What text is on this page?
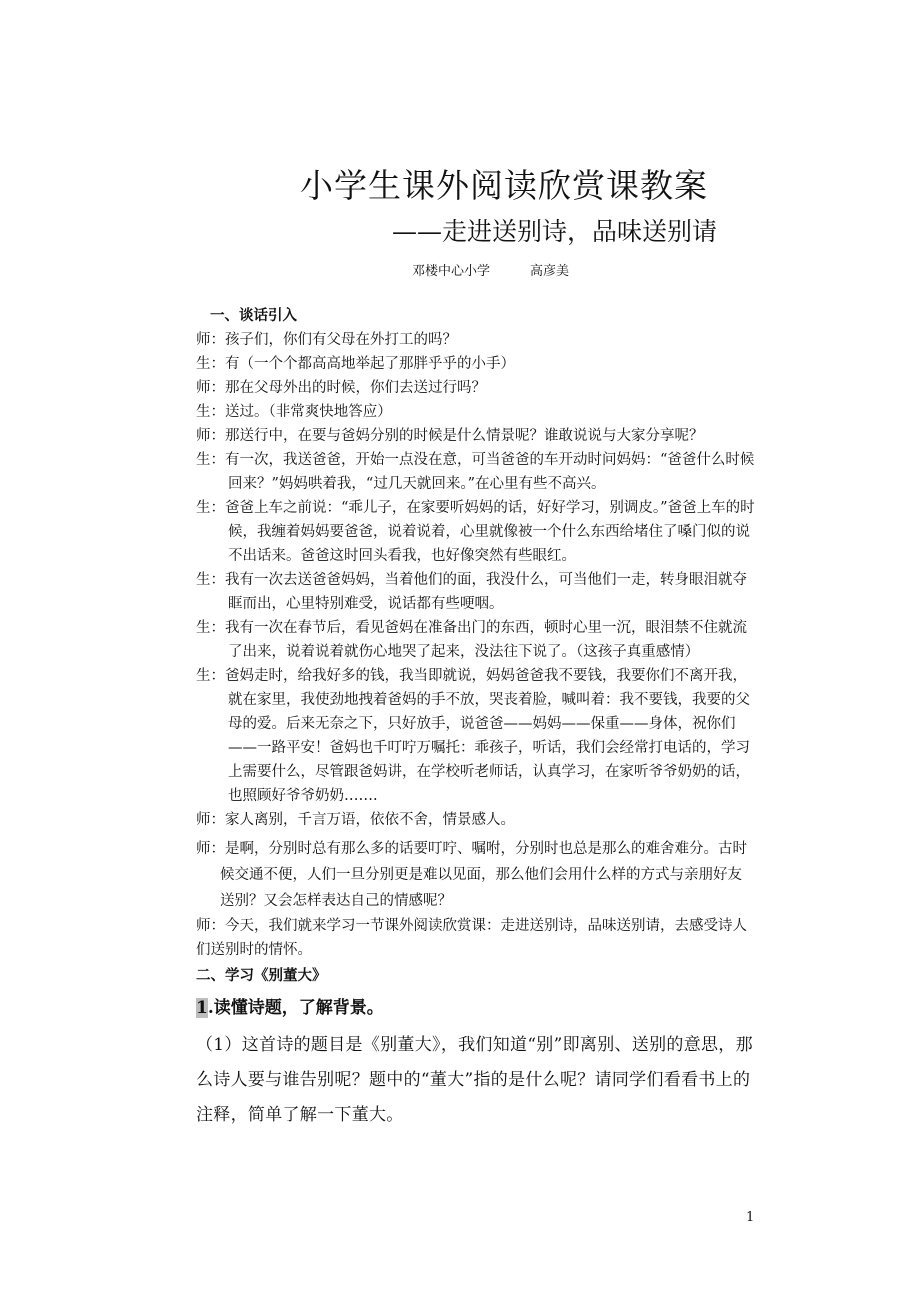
小学生课外阅读欣赏课教案
——走进送别诗，品味送别请
邓楼中心小学	高彦美
一、谈话引入
师：孩子们，你们有父母在外打工的吗？
生：有（一个个都高高地举起了那胖乎乎的小手）
师：那在父母外出的时候，你们去送过行吗？
生：送过。（非常爽快地答应）
师：那送行中，在要与爸妈分别的时候是什么情景呢？谁敢说说与大家分享呢？
生：有一次，我送爸爸，开始一点没在意，可当爸爸的车开动时问妈妈：“爸爸什么时候回来？”妈妈哄着我，“过几天就回来。”在心里有些不高兴。
生：爸爸上车之前说：“乖儿子，在家要听妈妈的话，好好学习，别调皮。”爸爸上车的时候，我缠着妈妈要爸爸，说着说着，心里就像被一个什么东西给堵住了嗓门似的说不出话来。爸爸这时回头看我，也好像突然有些眼红。
生：我有一次去送爸爸妈妈，当着他们的面，我没什么，可当他们一走，转身眼泪就夺眶而出，心里特别难受，说话都有些哽咽。
生：我有一次在春节后，看见爸妈在准备出门的东西，顿时心里一沉，眼泪禁不住就流了出来，说着说着就伤心地哭了起来，没法往下说了。（这孩子真重感情）
生：爸妈走时，给我好多的钱，我当即就说，妈妈爸爸我不要钱，我要你们不离开我，就在家里，我使劲地拽着爸妈的手不放，哭丧着脸，喊叫着：我不要钱，我要的父母的爱。后来无奈之下，只好放手，说爸爸——妈妈——保重——身体，祝你们——一路平安！爸妈也千叮咛万嘱托：乖孩子，听话，我们会经常打电话的，学习上需要什么，尽管跟爸妈讲，在学校听老师话，认真学习，在家听爷爷奶奶的话，也照顾好爷爷奶奶…….
师：家人离别，千言万语，依依不舍，情景感人。
师：是啊，分别时总有那么多的话要叮咛、嘱咐，分别时也总是那么的难舍难分。古时候交通不便，人们一旦分别更是难以见面，那么他们会用什么样的方式与亲朋好友送别？又会怎样表达自己的情感呢？
师：今天，我们就来学习一节课外阅读欣赏课：走进送别诗，品味送别请，去感受诗人们送别时的情怀。
二、学习《别董大》
1.读懂诗题，了解背景。
（1）这首诗的题目是《别董大》，我们知道“别”即离别、送别的意思，那么诗人要与谁告别呢？题中的“董大”指的是什么呢？请同学们看看书上的注释，简单了解一下董大。
1
